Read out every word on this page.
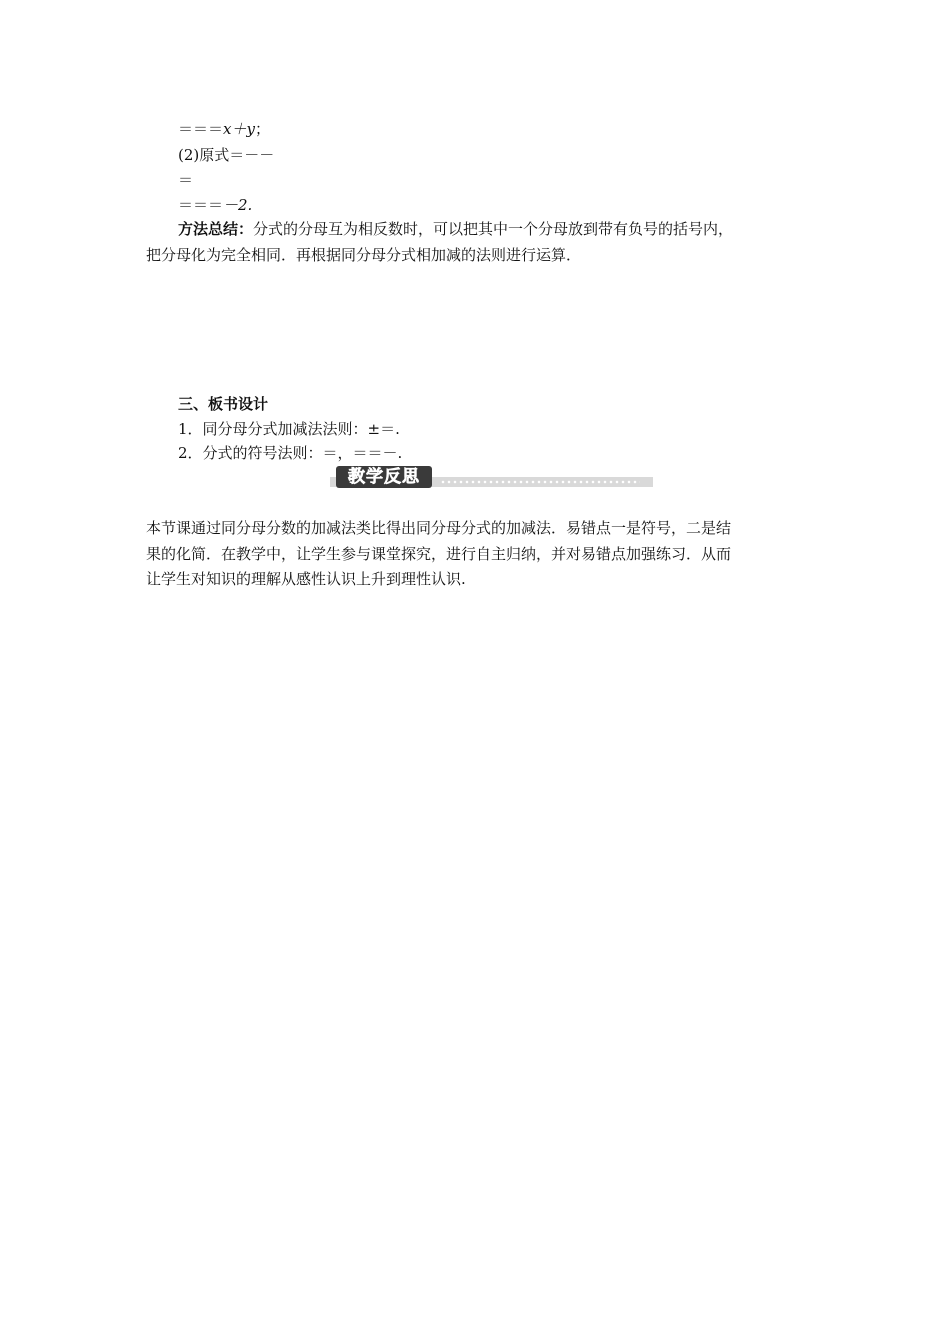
＝＝＝x＋y；
(2)原式＝－－
＝
＝＝＝－2.
方法总结：分式的分母互为相反数时，可以把其中一个分母放到带有负号的括号内，
把分母化为完全相同．再根据同分母分式相加减的法则进行运算．
三、板书设计
1．同分母分式加减法法则：±＝.
2．分式的符号法则：＝，＝＝－.
教学反思
本节课通过同分母分数的加减法类比得出同分母分式的加减法．易错点一是符号，二是结
果的化简．在教学中，让学生参与课堂探究，进行自主归纳，并对易错点加强练习．从而
让学生对知识的理解从感性认识上升到理性认识.
